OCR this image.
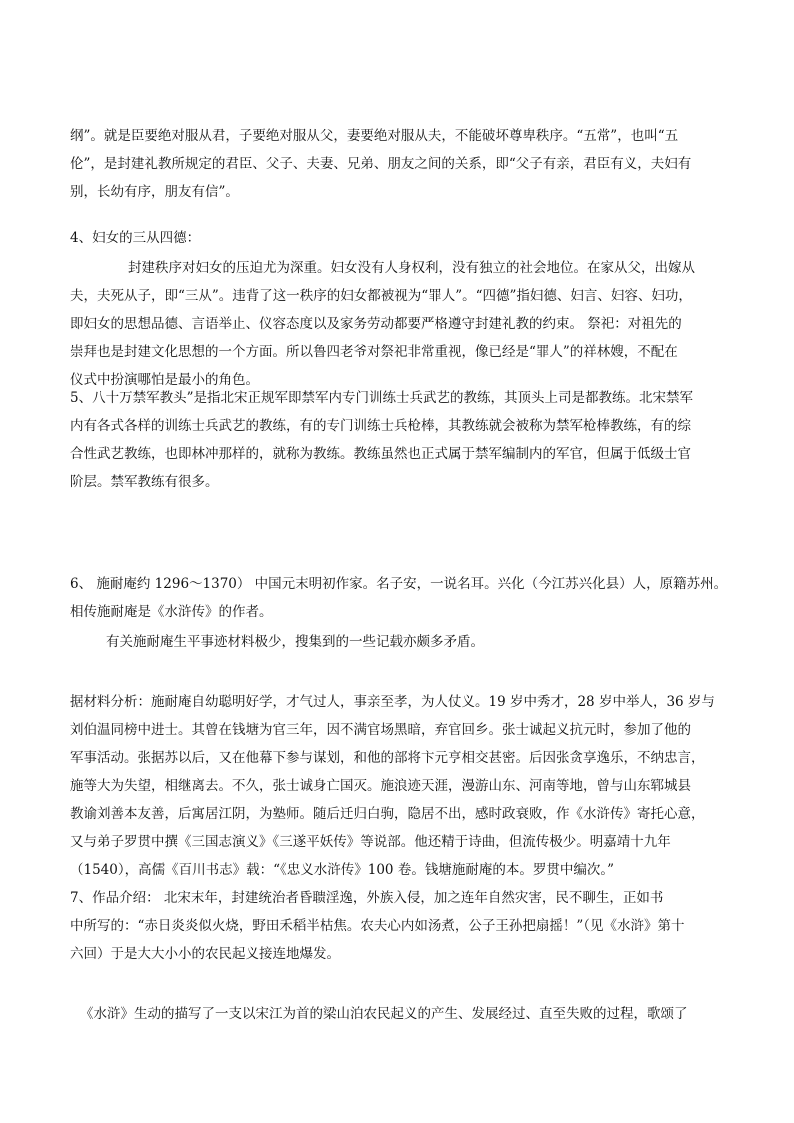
纲”。就是臣要绝对服从君，子要绝对服从父，妻要绝对服从夫，不能破坏尊卑秩序。“五常”，也叫“五
伦”，是封建礼教所规定的君臣、父子、夫妻、兄弟、朋友之间的关系，即“父子有亲，君臣有义，夫妇有
别，长幼有序，朋友有信”。

4、妇女的三从四德：

封建秩序对妇女的压迫尤为深重。妇女没有人身权利，没有独立的社会地位。在家从父，出嫁从
夫，夫死从子，即“三从”。违背了这一秩序的妇女都被视为“罪人”。“四德”指妇德、妇言、妇容、妇功，
即妇女的思想品德、言语举止、仪容态度以及家务劳动都要严格遵守封建礼教的约束。 祭祀：对祖先的
崇拜也是封建文化思想的一个方面。所以鲁四老爷对祭祀非常重视，像已经是“罪人”的祥林嫂，不配在
仪式中扮演哪怕是最小的角色。

5、八十万禁军教头”是指北宋正规军即禁军内专门训练士兵武艺的教练，其顶头上司是都教练。北宋禁军
内有各式各样的训练士兵武艺的教练，有的专门训练士兵枪棒，其教练就会被称为禁军枪棒教练，有的综
合性武艺教练，也即林冲那样的，就称为教练。教练虽然也正式属于禁军编制内的军官，但属于低级士官
阶层。禁军教练有很多。

6、 施耐庵约 1296～1370） 中国元末明初作家。名子安，一说名耳。兴化（今江苏兴化县）人，原籍苏州。
相传施耐庵是《水浒传》的作者。

有关施耐庵生平事迹材料极少，搜集到的一些记载亦颇多矛盾。

据材料分析：施耐庵自幼聪明好学，才气过人，事亲至孝，为人仗义。19 岁中秀才，28 岁中举人，36 岁与
刘伯温同榜中进士。其曾在钱塘为官三年，因不满官场黑暗，弃官回乡。张士诚起义抗元时，参加了他的
军事活动。张据苏以后，又在他幕下参与谋划，和他的部将卞元亨相交甚密。后因张贪享逸乐，不纳忠言，
施等大为失望，相继离去。不久，张士诚身亡国灭。施浪迹天涯，漫游山东、河南等地，曾与山东郓城县
教谕刘善本友善，后寓居江阴，为塾师。随后迁归白驹，隐居不出，感时政衰败，作《水浒传》寄托心意，
又与弟子罗贯中撰《三国志演义》《三遂平妖传》等说部。他还精于诗曲，但流传极少。明嘉靖十九年
（1540），高儒《百川书志》载：“《忠义水浒传》100 卷。钱塘施耐庵的本。罗贯中编次。”
7、作品介绍： 北宋末年，封建统治者昏聩淫逸，外族入侵，加之连年自然灾害，民不聊生，正如书
中所写的：“赤日炎炎似火烧，野田禾稻半枯焦。农夫心内如汤煮，公子王孙把扇摇！”（见《水浒》第十
六回）于是大大小小的农民起义接连地爆发。

《水浒》生动的描写了一支以宋江为首的梁山泊农民起义的产生、发展经过、直至失败的过程，歌颂了
